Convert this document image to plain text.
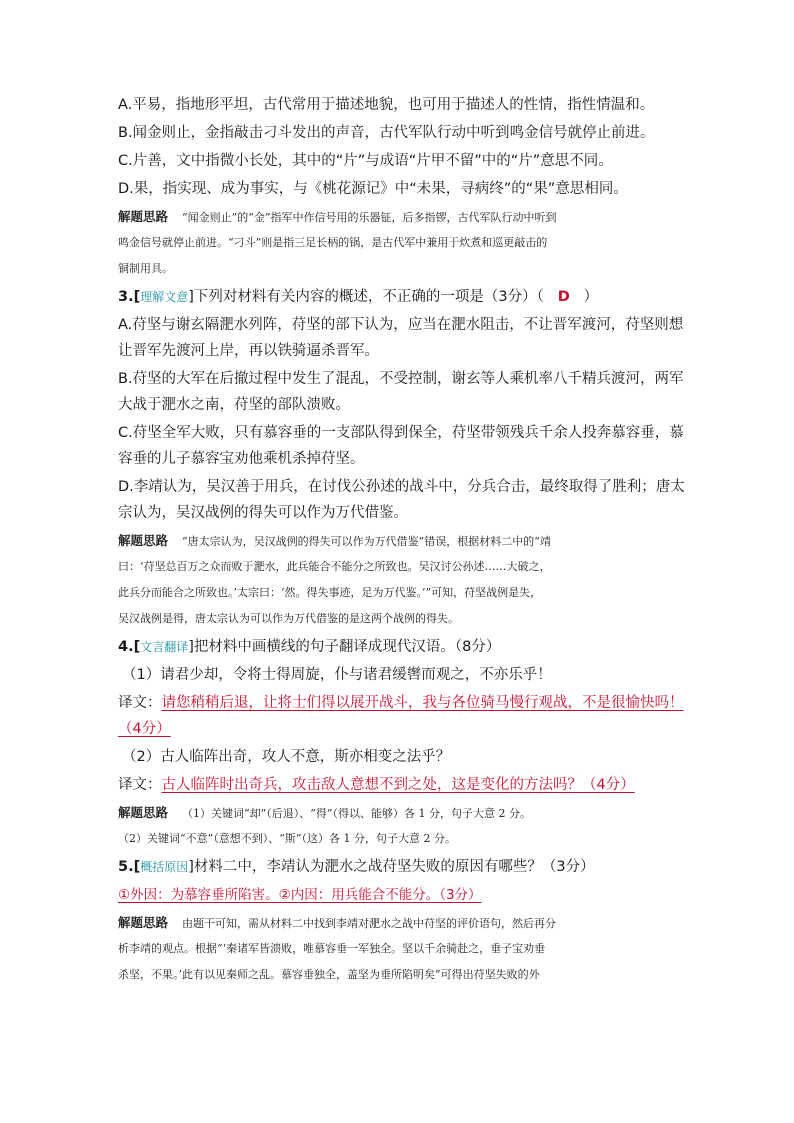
A.平易，指地形平坦，古代常用于描述地貌，也可用于描述人的性情，指性情温和。
B.闻金则止，金指敲击刁斗发出的声音，古代军队行动中听到鸣金信号就停止前进。
C.片善，文中指微小长处，其中的“片”与成语“片甲不留”中的“片”意思不同。
D.果，指实现、成为事实，与《桃花源记》中“未果，寻病终”的“果”意思相同。
解题思路 “闻金则止”的“金”指军中作信号用的乐器钲，后多指锣，古代军队行动中听到
鸣金信号就停止前进。“刁斗”则是指三足长柄的锅，是古代军中兼用于炊煮和巡更敲击的
铜制用具。
3.[理解文意]下列对材料有关内容的概述，不正确的一项是（3分）（ D ）
A.苻坚与谢玄隔淝水列阵，苻坚的部下认为，应当在淝水阻击，不让晋军渡河，苻坚则想
让晋军先渡河上岸，再以铁骑逼杀晋军。
B.苻坚的大军在后撤过程中发生了混乱，不受控制，谢玄等人乘机率八千精兵渡河，两军
大战于淝水之南，苻坚的部队溃败。
C.苻坚全军大败，只有慕容垂的一支部队得到保全，苻坚带领残兵千余人投奔慕容垂，慕
容垂的儿子慕容宝劝他乘机杀掉苻坚。
D.李靖认为，吴汉善于用兵，在讨伐公孙述的战斗中，分兵合击，最终取得了胜利；唐太
宗认为，吴汉战例的得失可以作为万代借鉴。
解题思路 “唐太宗认为，吴汉战例的得失可以作为万代借鉴”错误，根据材料二中的“靖
曰：‘苻坚总百万之众而败于淝水，此兵能合不能分之所致也。吴汉讨公孙述……大破之，
此兵分而能合之所致也。’太宗曰：‘然。得失事迹，足为万代鉴。’”可知，苻坚战例是失，
吴汉战例是得，唐太宗认为可以作为万代借鉴的是这两个战例的得失。
4.[文言翻译]把材料中画横线的句子翻译成现代汉语。（8分）
（1）请君少却，令将士得周旋，仆与诸君缓辔而观之，不亦乐乎！
译文：请您稍稍后退，让将士们得以展开战斗，我与各位骑马慢行观战，不是很愉快吗！
（4分）
（2）古人临阵出奇，攻人不意，斯亦相变之法乎？
译文：古人临阵时出奇兵，攻击敌人意想不到之处，这是变化的方法吗？（4分）
解题思路 （1）关键词“却”（后退）、“得”（得以、能够）各 1 分，句子大意 2 分。
（2）关键词“不意”（意想不到）、“斯”（这）各 1 分，句子大意 2 分。
5.[概括原因]材料二中，李靖认为淝水之战苻坚失败的原因有哪些？（3分）
①外因：为慕容垂所陷害。②内因：用兵能合不能分。（3分）
解题思路 由题干可知，需从材料二中找到李靖对淝水之战中苻坚的评价语句，然后再分
析李靖的观点。根据“‘秦诸军皆溃败，唯慕容垂一军独全。坚以千余骑赴之，垂子宝劝垂
杀坚，不果。’此有以见秦师之乱。慕容垂独全，盖坚为垂所陷明矣”可得出苻坚失败的外
